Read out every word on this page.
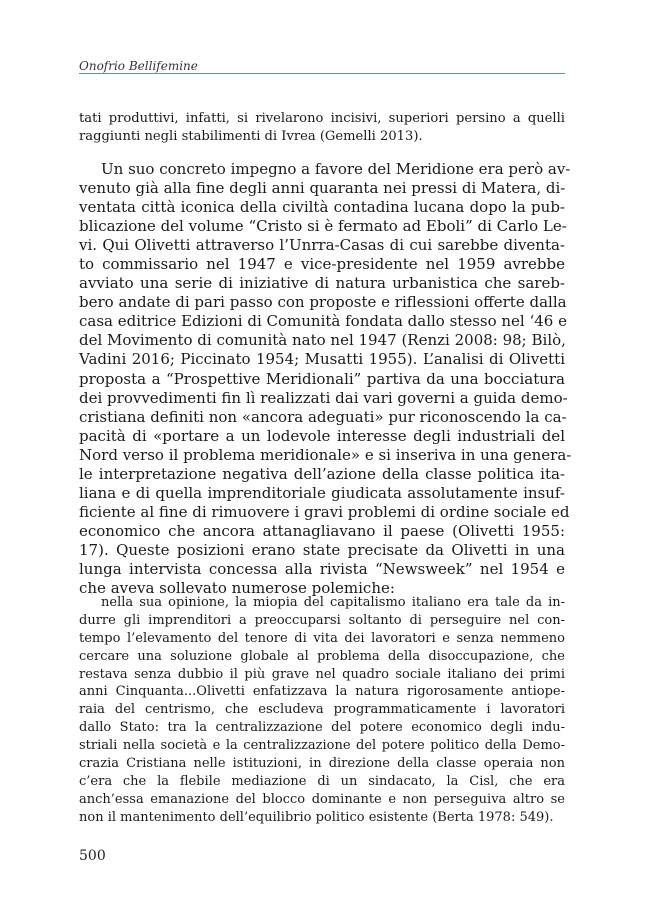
Onofrio Bellifemine
tati produttivi, infatti, si rivelarono incisivi, superiori persino a quelli
raggiunti negli stabilimenti di Ivrea (Gemelli 2013).
Un suo concreto impegno a favore del Meridione era però av-
venuto già alla fine degli anni quaranta nei pressi di Matera, di-
ventata città iconica della civiltà contadina lucana dopo la pub-
blicazione del volume “Cristo si è fermato ad Eboli” di Carlo Le-
vi. Qui Olivetti attraverso l’Unrra-Casas di cui sarebbe diventa-
to commissario nel 1947 e vice-presidente nel 1959 avrebbe
avviato una serie di iniziative di natura urbanistica che sareb-
bero andate di pari passo con proposte e riflessioni offerte dalla
casa editrice Edizioni di Comunità fondata dallo stesso nel ‘46 e
del Movimento di comunità nato nel 1947 (Renzi 2008: 98; Bilò,
Vadini 2016; Piccinato 1954; Musatti 1955). L’analisi di Olivetti
proposta a “Prospettive Meridionali” partiva da una bocciatura
dei provvedimenti fin lì realizzati dai vari governi a guida demo-
cristiana definiti non «ancora adeguati» pur riconoscendo la ca-
pacità di «portare a un lodevole interesse degli industriali del
Nord verso il problema meridionale» e si inseriva in una genera-
le interpretazione negativa dell’azione della classe politica ita-
liana e di quella imprenditoriale giudicata assolutamente insuf-
ficiente al fine di rimuovere i gravi problemi di ordine sociale ed
economico che ancora attanagliavano il paese (Olivetti 1955:
17). Queste posizioni erano state precisate da Olivetti in una
lunga intervista concessa alla rivista “Newsweek” nel 1954 e
che aveva sollevato numerose polemiche:
nella sua opinione, la miopia del capitalismo italiano era tale da in-
durre gli imprenditori a preoccuparsi soltanto di perseguire nel con-
tempo l’elevamento del tenore di vita dei lavoratori e senza nemmeno
cercare una soluzione globale al problema della disoccupazione, che
restava senza dubbio il più grave nel quadro sociale italiano dei primi
anni Cinquanta...Olivetti enfatizzava la natura rigorosamente antiope-
raia del centrismo, che escludeva programmaticamente i lavoratori
dallo Stato: tra la centralizzazione del potere economico degli indu-
striali nella società e la centralizzazione del potere politico della Demo-
crazia Cristiana nelle istituzioni, in direzione della classe operaia non
c’era che la flebile mediazione di un sindacato, la Cisl, che era
anch’essa emanazione del blocco dominante e non perseguiva altro se
non il mantenimento dell’equilibrio politico esistente (Berta 1978: 549).
500
